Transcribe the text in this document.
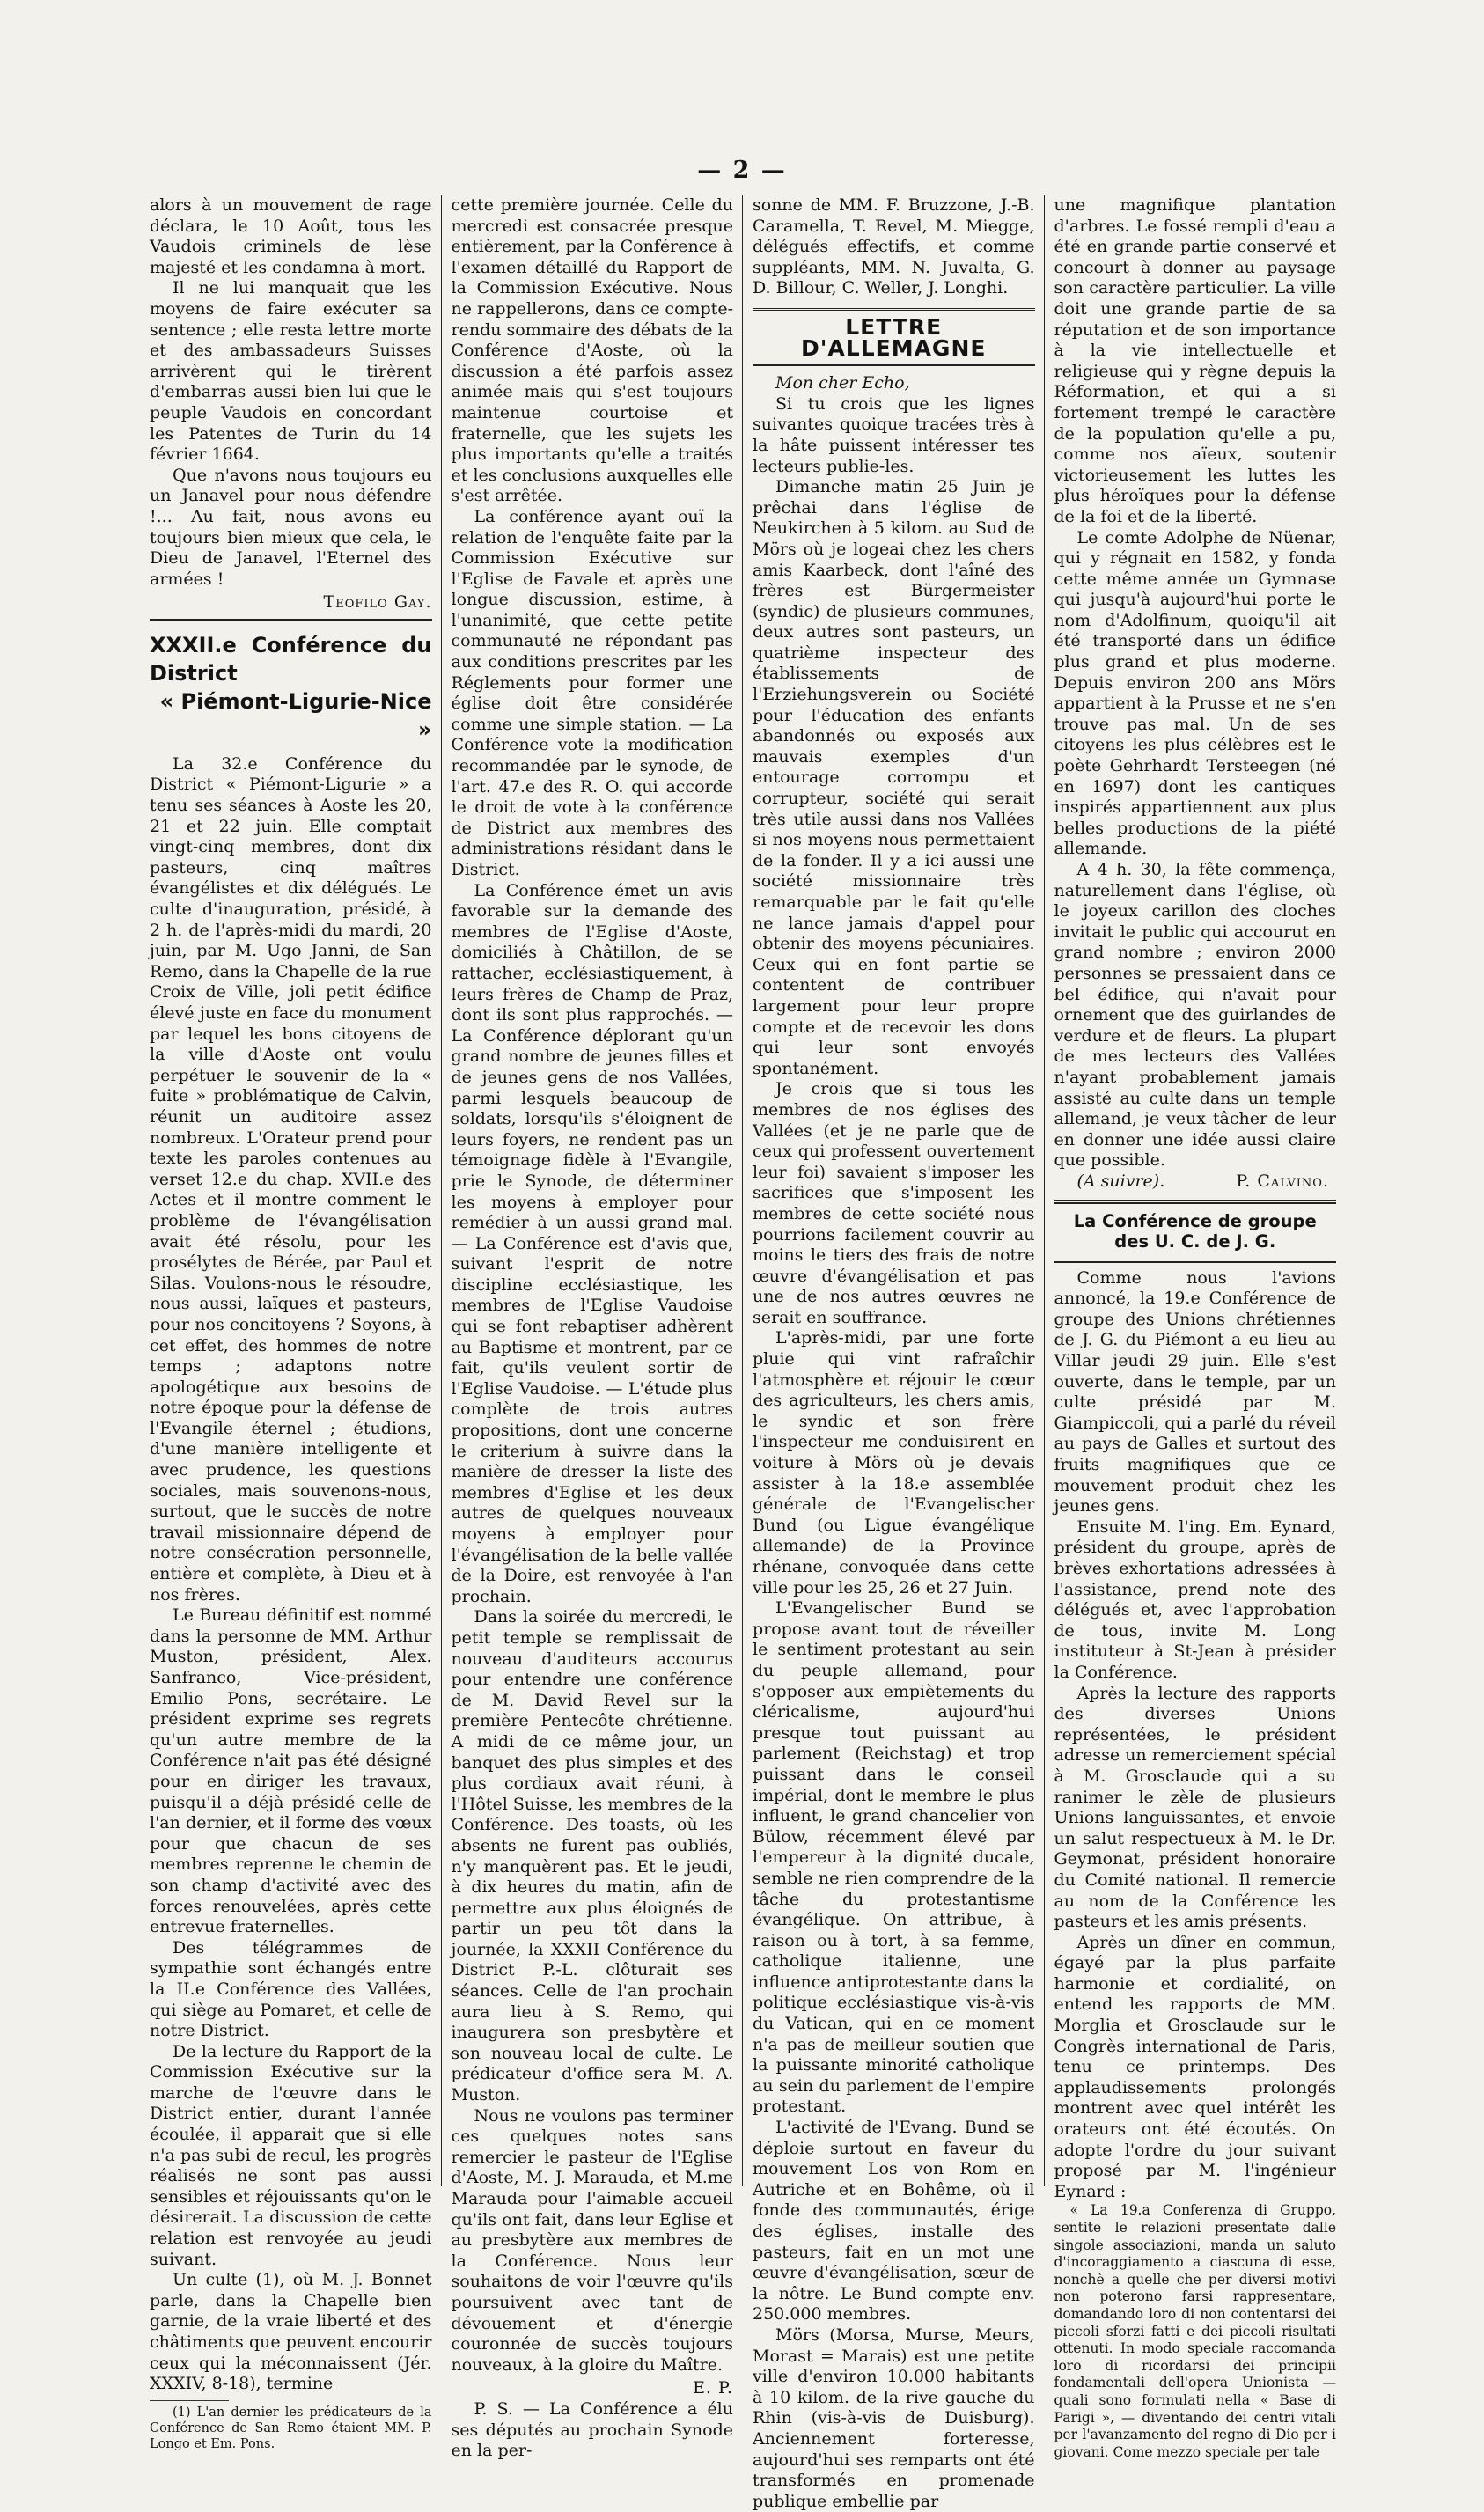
— 2 —

alors à un mouvement de rage déclara, le 10 Août, tous les Vaudois criminels de lèse majesté et les condamna à mort.

Il ne lui manquait que les moyens de faire exécuter sa sentence ; elle resta lettre morte et des ambassadeurs Suisses arrivèrent qui le tirèrent d'embarras aussi bien lui que le peuple Vaudois en concordant les Patentes de Turin du 14 février 1664.

Que n'avons nous toujours eu un Janavel pour nous défendre !... Au fait, nous avons eu toujours bien mieux que cela, le Dieu de Janavel, l'Eternel des armées !

Teofilo Gay.
XXXII.e Conférence du District
« Piémont-Ligurie-Nice »

La 32.e Conférence du District « Piémont-Ligurie » a tenu ses séances à Aoste les 20, 21 et 22 juin. Elle comptait vingt-cinq membres, dont dix pasteurs, cinq maîtres évangélistes et dix délégués. Le culte d'inauguration, présidé, à 2 h. de l'après-midi du mardi, 20 juin, par M. Ugo Janni, de San Remo, dans la Chapelle de la rue Croix de Ville, joli petit édifice élevé juste en face du monument par lequel les bons citoyens de la ville d'Aoste ont voulu perpétuer le souvenir de la « fuite » problématique de Calvin, réunit un auditoire assez nombreux. L'Orateur prend pour texte les paroles contenues au verset 12.e du chap. XVII.e des Actes et il montre comment le problème de l'évangélisation avait été résolu, pour les prosélytes de Bérée, par Paul et Silas. Voulons-nous le résoudre, nous aussi, laïques et pasteurs, pour nos concitoyens ? Soyons, à cet effet, des hommes de notre temps ; adaptons notre apologétique aux besoins de notre époque pour la défense de l'Evangile éternel ; étudions, d'une manière intelligente et avec prudence, les questions sociales, mais souvenons-nous, surtout, que le succès de notre travail missionnaire dépend de notre consécration personnelle, entière et complète, à Dieu et à nos frères.

Le Bureau définitif est nommé dans la personne de MM. Arthur Muston, président, Alex. Sanfranco, Vice-président, Emilio Pons, secrétaire. Le président exprime ses regrets qu'un autre membre de la Conférence n'ait pas été désigné pour en diriger les travaux, puisqu'il a déjà présidé celle de l'an dernier, et il forme des vœux pour que chacun de ses membres reprenne le chemin de son champ d'activité avec des forces renouvelées, après cette entrevue fraternelles.

Des télégrammes de sympathie sont échangés entre la II.e Conférence des Vallées, qui siège au Pomaret, et celle de notre District.

De la lecture du Rapport de la Commission Exécutive sur la marche de l'œuvre dans le District entier, durant l'année écoulée, il apparait que si elle n'a pas subi de recul, les progrès réalisés ne sont pas aussi sensibles et réjouissants qu'on le désirerait. La discussion de cette relation est renvoyée au jeudi suivant.

Un culte (1), où M. J. Bonnet parle, dans la Chapelle bien garnie, de la vraie liberté et des châtiments que peuvent encourir ceux qui la méconnaissent (Jér. XXXIV, 8-18), termine

(1) L'an dernier les prédicateurs de la Conférence de San Remo étaient MM. P. Longo et Em. Pons.

cette première journée. Celle du mercredi est consacrée presque entièrement, par la Conférence à l'examen détaillé du Rapport de la Commission Exécutive. Nous ne rappellerons, dans ce compte-rendu sommaire des débats de la Conférence d'Aoste, où la discussion a été parfois assez animée mais qui s'est toujours maintenue courtoise et fraternelle, que les sujets les plus importants qu'elle a traités et les conclusions auxquelles elle s'est arrêtée.

La conférence ayant ouï la relation de l'enquête faite par la Commission Exécutive sur l'Eglise de Favale et après une longue discussion, estime, à l'unanimité, que cette petite communauté ne répondant pas aux conditions prescrites par les Réglements pour former une église doit être considérée comme une simple station. — La Conférence vote la modification recommandée par le synode, de l'art. 47.e des R. O. qui accorde le droit de vote à la conférence de District aux membres des administrations résidant dans le District.

La Conférence émet un avis favorable sur la demande des membres de l'Eglise d'Aoste, domiciliés à Châtillon, de se rattacher, ecclésiastiquement, à leurs frères de Champ de Praz, dont ils sont plus rapprochés. — La Conférence déplorant qu'un grand nombre de jeunes filles et de jeunes gens de nos Vallées, parmi lesquels beaucoup de soldats, lorsqu'ils s'éloignent de leurs foyers, ne rendent pas un témoignage fidèle à l'Evangile, prie le Synode, de déterminer les moyens à employer pour remédier à un aussi grand mal. — La Conférence est d'avis que, suivant l'esprit de notre discipline ecclésiastique, les membres de l'Eglise Vaudoise qui se font rebaptiser adhèrent au Baptisme et montrent, par ce fait, qu'ils veulent sortir de l'Eglise Vaudoise. — L'étude plus complète de trois autres propositions, dont une concerne le criterium à suivre dans la manière de dresser la liste des membres d'Eglise et les deux autres de quelques nouveaux moyens à employer pour l'évangélisation de la belle vallée de la Doire, est renvoyée à l'an prochain.

Dans la soirée du mercredi, le petit temple se remplissait de nouveau d'auditeurs accourus pour entendre une conférence de M. David Revel sur la première Pentecôte chrétienne. A midi de ce même jour, un banquet des plus simples et des plus cordiaux avait réuni, à l'Hôtel Suisse, les membres de la Conférence. Des toasts, où les absents ne furent pas oubliés, n'y manquèrent pas. Et le jeudi, à dix heures du matin, afin de permettre aux plus éloignés de partir un peu tôt dans la journée, la XXXII Conférence du District P.-L. clôturait ses séances. Celle de l'an prochain aura lieu à S. Remo, qui inaugurera son presbytère et son nouveau local de culte. Le prédicateur d'office sera M. A. Muston.

Nous ne voulons pas terminer ces quelques notes sans remercier le pasteur de l'Eglise d'Aoste, M. J. Marauda, et M.me Marauda pour l'aimable accueil qu'ils ont fait, dans leur Eglise et au presbytère aux membres de la Conférence. Nous leur souhaitons de voir l'œuvre qu'ils poursuivent avec tant de dévouement et d'énergie couronnée de succès toujours nouveaux, à la gloire du Maître.

E. P.

P. S. — La Conférence a élu ses députés au prochain Synode en la per-

sonne de MM. F. Bruzzone, J.-B. Caramella, T. Revel, M. Miegge, délégués effectifs, et comme suppléants, MM. N. Juvalta, G. D. Billour, C. Weller, J. Longhi.

LETTRE D'ALLEMAGNE

Mon cher Echo,

Si tu crois que les lignes suivantes quoique tracées très à la hâte puissent intéresser tes lecteurs publie-les.

Dimanche matin 25 Juin je prêchai dans l'église de Neukirchen à 5 kilom. au Sud de Mörs où je logeai chez les chers amis Kaarbeck, dont l'aîné des frères est Bürgermeister (syndic) de plusieurs communes, deux autres sont pasteurs, un quatrième inspecteur des établissements de l'Erziehungsverein ou Société pour l'éducation des enfants abandonnés ou exposés aux mauvais exemples d'un entourage corrompu et corrupteur, société qui serait très utile aussi dans nos Vallées si nos moyens nous permettaient de la fonder. Il y a ici aussi une société missionnaire très remarquable par le fait qu'elle ne lance jamais d'appel pour obtenir des moyens pécuniaires. Ceux qui en font partie se contentent de contribuer largement pour leur propre compte et de recevoir les dons qui leur sont envoyés spontanément.

Je crois que si tous les membres de nos églises des Vallées (et je ne parle que de ceux qui professent ouvertement leur foi) savaient s'imposer les sacrifices que s'imposent les membres de cette société nous pourrions facilement couvrir au moins le tiers des frais de notre œuvre d'évangélisation et pas une de nos autres œuvres ne serait en souffrance.

L'après-midi, par une forte pluie qui vint rafraîchir l'atmosphère et réjouir le cœur des agriculteurs, les chers amis, le syndic et son frère l'inspecteur me conduisirent en voiture à Mörs où je devais assister à la 18.e assemblée générale de l'Evangelischer Bund (ou Ligue évangélique allemande) de la Province rhénane, convoquée dans cette ville pour les 25, 26 et 27 Juin.

L'Evangelischer Bund se propose avant tout de réveiller le sentiment protestant au sein du peuple allemand, pour s'opposer aux empiètements du cléricalisme, aujourd'hui presque tout puissant au parlement (Reichstag) et trop puissant dans le conseil impérial, dont le membre le plus influent, le grand chancelier von Bülow, récemment élevé par l'empereur à la dignité ducale, semble ne rien comprendre de la tâche du protestantisme évangélique. On attribue, à raison ou à tort, à sa femme, catholique italienne, une influence antiprotestante dans la politique ecclésiastique vis-à-vis du Vatican, qui en ce moment n'a pas de meilleur soutien que la puissante minorité catholique au sein du parlement de l'empire protestant.

L'activité de l'Evang. Bund se déploie surtout en faveur du mouvement Los von Rom en Autriche et en Bohême, où il fonde des communautés, érige des églises, installe des pasteurs, fait en un mot une œuvre d'évangélisation, sœur de la nôtre. Le Bund compte env. 250.000 membres.

Mörs (Morsa, Murse, Meurs, Morast = Marais) est une petite ville d'environ 10.000 habitants à 10 kilom. de la rive gauche du Rhin (vis-à-vis de Duisburg). Anciennement forteresse, aujourd'hui ses remparts ont été transformés en promenade publique embellie par

une magnifique plantation d'arbres. Le fossé rempli d'eau a été en grande partie conservé et concourt à donner au paysage son caractère particulier. La ville doit une grande partie de sa réputation et de son importance à la vie intellectuelle et religieuse qui y règne depuis la Réformation, et qui a si fortement trempé le caractère de la population qu'elle a pu, comme nos aïeux, soutenir victorieusement les luttes les plus héroïques pour la défense de la foi et de la liberté.

Le comte Adolphe de Nüenar, qui y régnait en 1582, y fonda cette même année un Gymnase qui jusqu'à aujourd'hui porte le nom d'Adolfinum, quoiqu'il ait été transporté dans un édifice plus grand et plus moderne. Depuis environ 200 ans Mörs appartient à la Prusse et ne s'en trouve pas mal. Un de ses citoyens les plus célèbres est le poète Gehrhardt Tersteegen (né en 1697) dont les cantiques inspirés appartiennent aux plus belles productions de la piété allemande.

A 4 h. 30, la fête commença, naturellement dans l'église, où le joyeux carillon des cloches invitait le public qui accourut en grand nombre ; environ 2000 personnes se pressaient dans ce bel édifice, qui n'avait pour ornement que des guirlandes de verdure et de fleurs. La plupart de mes lecteurs des Vallées n'ayant probablement jamais assisté au culte dans un temple allemand, je veux tâcher de leur en donner une idée aussi claire que possible.

(A suivre).	P. Calvino.
La Conférence de groupe des U. C. de J. G.

Comme nous l'avions annoncé, la 19.e Conférence de groupe des Unions chrétiennes de J. G. du Piémont a eu lieu au Villar jeudi 29 juin. Elle s'est ouverte, dans le temple, par un culte présidé par M. Giampiccoli, qui a parlé du réveil au pays de Galles et surtout des fruits magnifiques que ce mouvement produit chez les jeunes gens.

Ensuite M. l'ing. Em. Eynard, président du groupe, après de brèves exhortations adressées à l'assistance, prend note des délégués et, avec l'approbation de tous, invite M. Long instituteur à St-Jean à présider la Conférence.

Après la lecture des rapports des diverses Unions représentées, le président adresse un remerciement spécial à M. Grosclaude qui a su ranimer le zèle de plusieurs Unions languissantes, et envoie un salut respectueux à M. le Dr. Geymonat, président honoraire du Comité national. Il remercie au nom de la Conférence les pasteurs et les amis présents.

Après un dîner en commun, égayé par la plus parfaite harmonie et cordialité, on entend les rapports de MM. Morglia et Grosclaude sur le Congrès international de Paris, tenu ce printemps. Des applaudissements prolongés montrent avec quel intérêt les orateurs ont été écoutés. On adopte l'ordre du jour suivant proposé par M. l'ingénieur Eynard :

« La 19.a Conferenza di Gruppo, sentite le relazioni presentate dalle singole associazioni, manda un saluto d'incoraggiamento a ciascuna di esse, nonchè a quelle che per diversi motivi non poterono farsi rappresentare, domandando loro di non contentarsi dei piccoli sforzi fatti e dei piccoli risultati ottenuti. In modo speciale raccomanda loro di ricordarsi dei principii fondamentali dell'opera Unionista — quali sono formulati nella « Base di Parigi », — diventando dei centri vitali per l'avanzamento del regno di Dio per i giovani. Come mezzo speciale per tale
